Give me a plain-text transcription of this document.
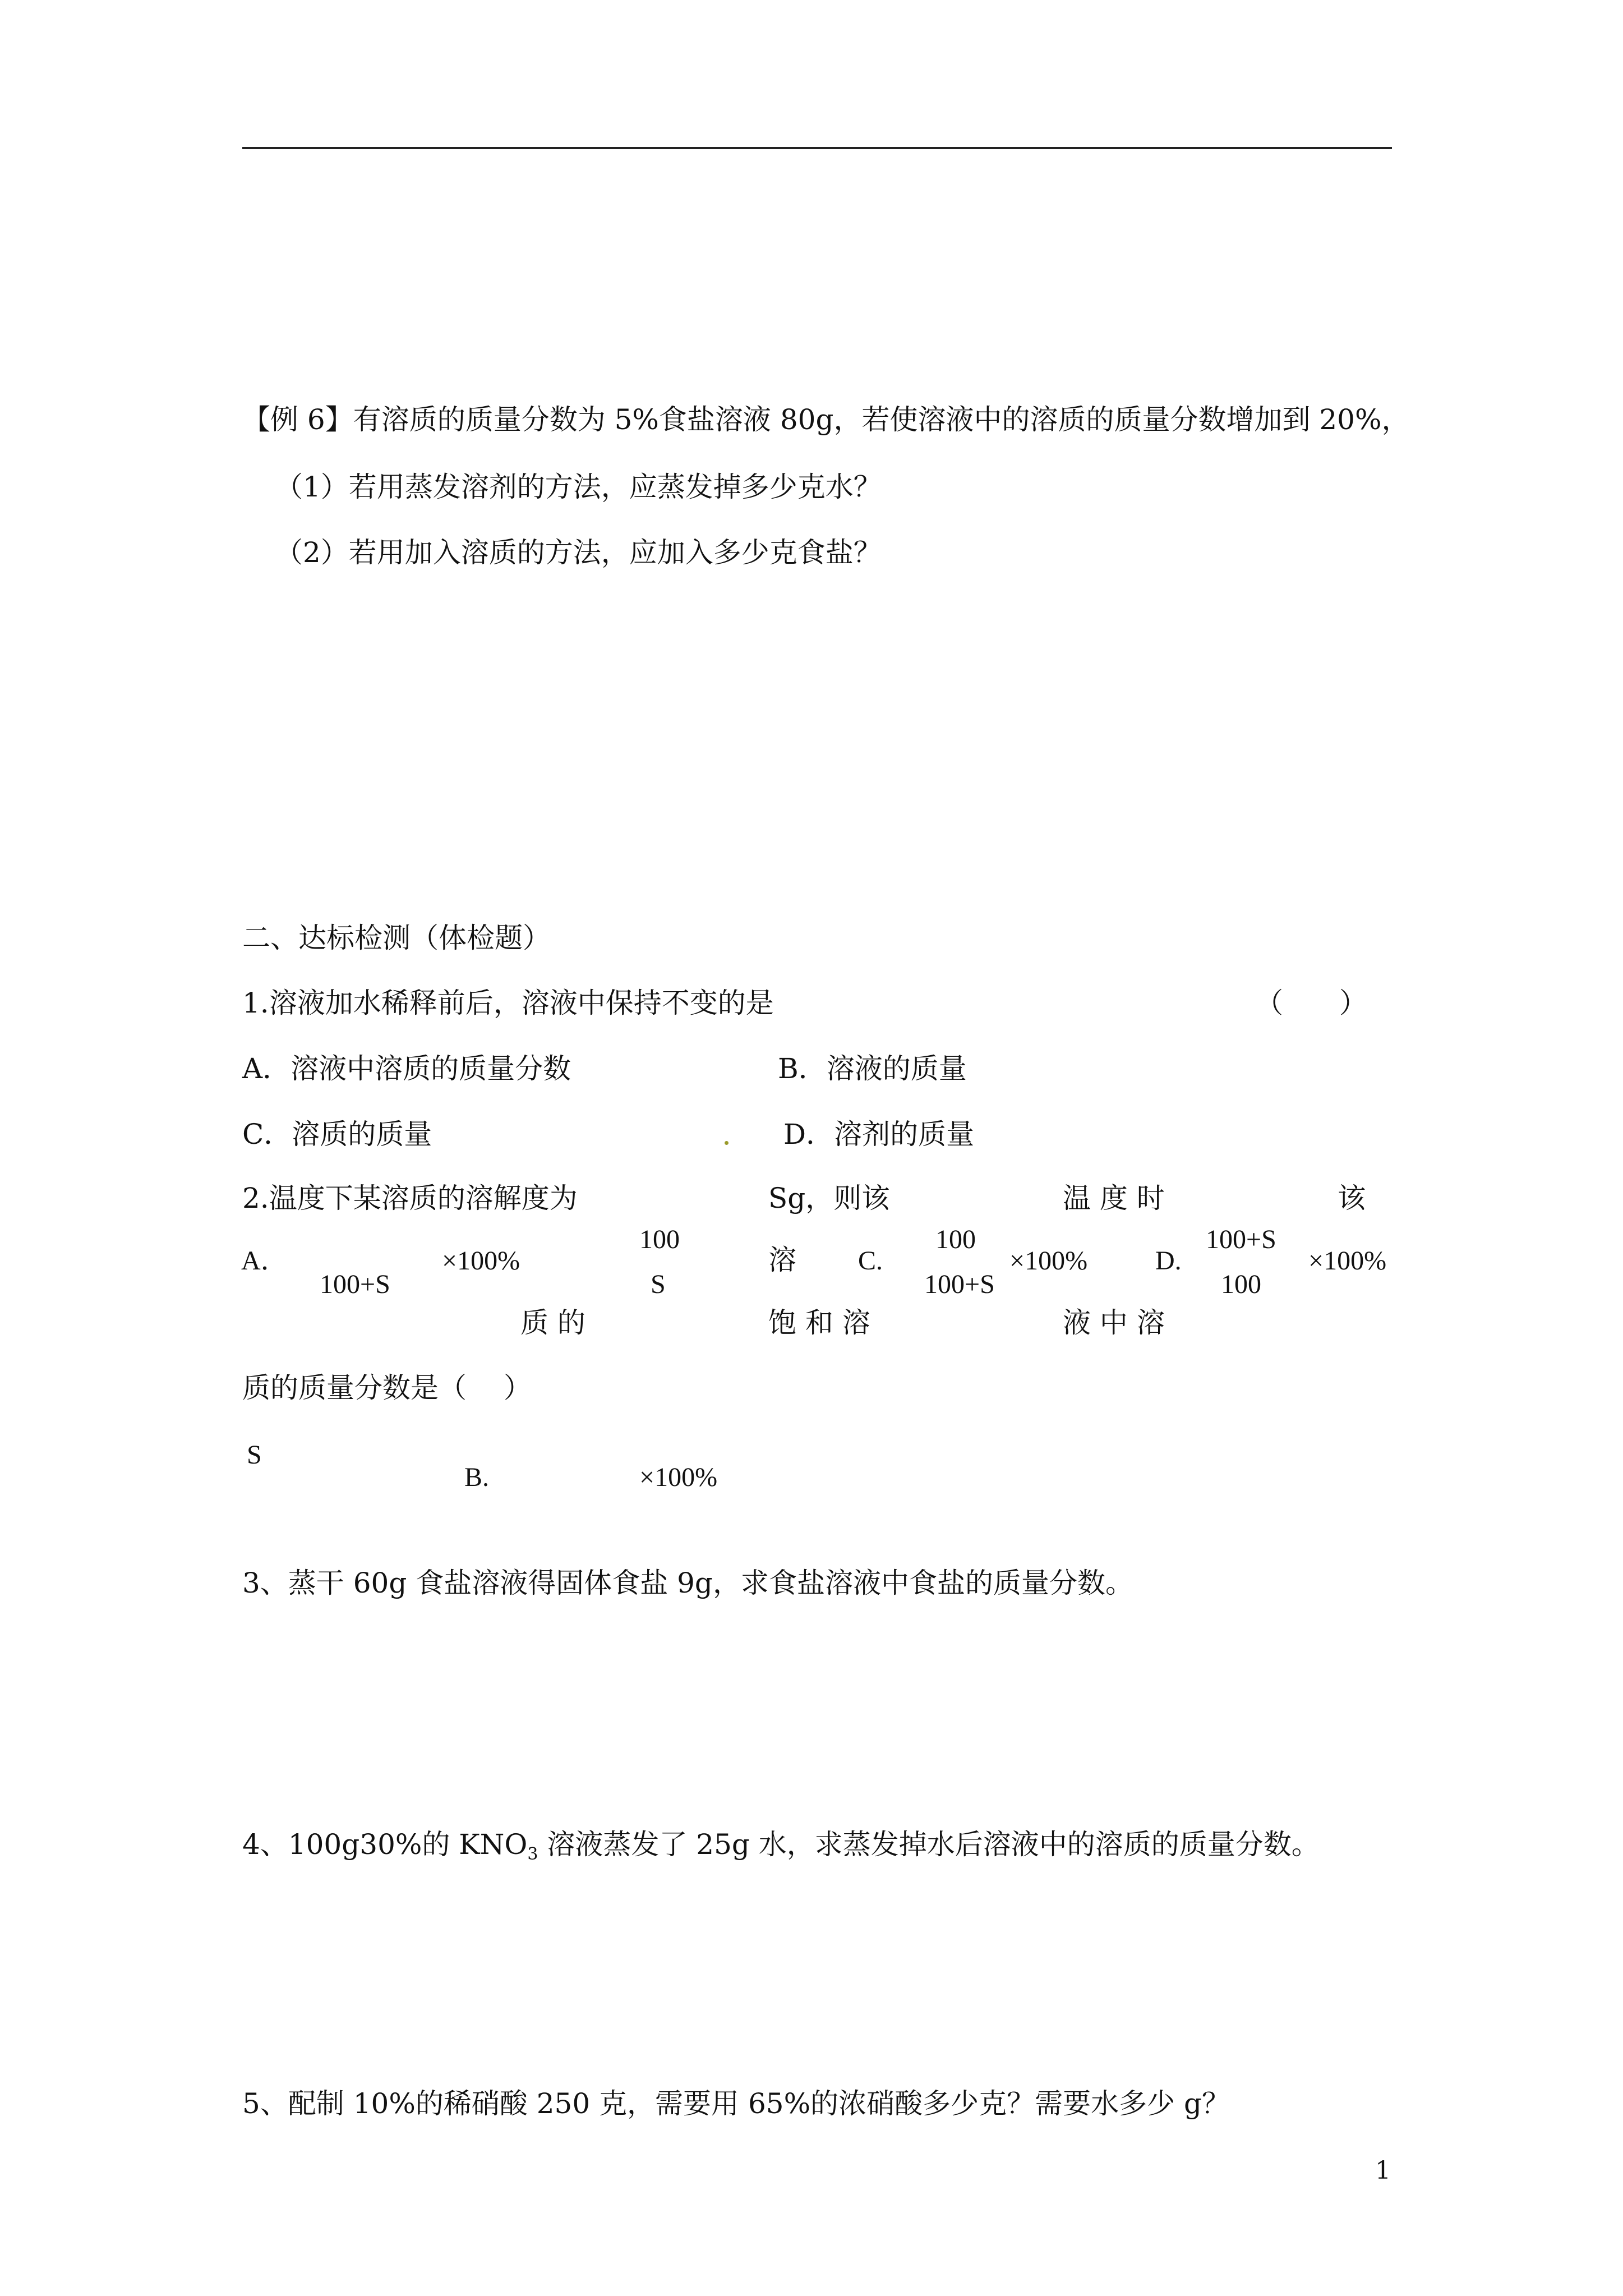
【例 6】有溶质的质量分数为 5%食盐溶液 80g，若使溶液中的溶质的质量分数增加到 20%，
（1）若用蒸发溶剂的方法，应蒸发掉多少克水？
（2）若用加入溶质的方法，应加入多少克食盐？
二、达标检测（体检题）
1.溶液加水稀释前后，溶液中保持不变的是	（　　）
A．溶液中溶质的质量分数	B．溶液的质量
C．溶质的质量	D．溶剂的质量
2.温度下某溶质的溶解度为	Sg，则该	温 度 时	该
100	100	100+S
A．	×100%	溶 C.	×100%	D.	×100%
100+S	S	100+S	100
质 的	饱 和 溶	液 中 溶
质的质量分数是（　 ）
S
B.	×100%
3、蒸干 60g 食盐溶液得固体食盐 9g，求食盐溶液中食盐的质量分数。
4、100g30%的 $KNO_3$ 溶液蒸发了 25g 水，求蒸发掉水后溶液中的溶质的质量分数。
5、配制 10%的稀硝酸 250 克，需要用 65%的浓硝酸多少克？需要水多少 g？
1
